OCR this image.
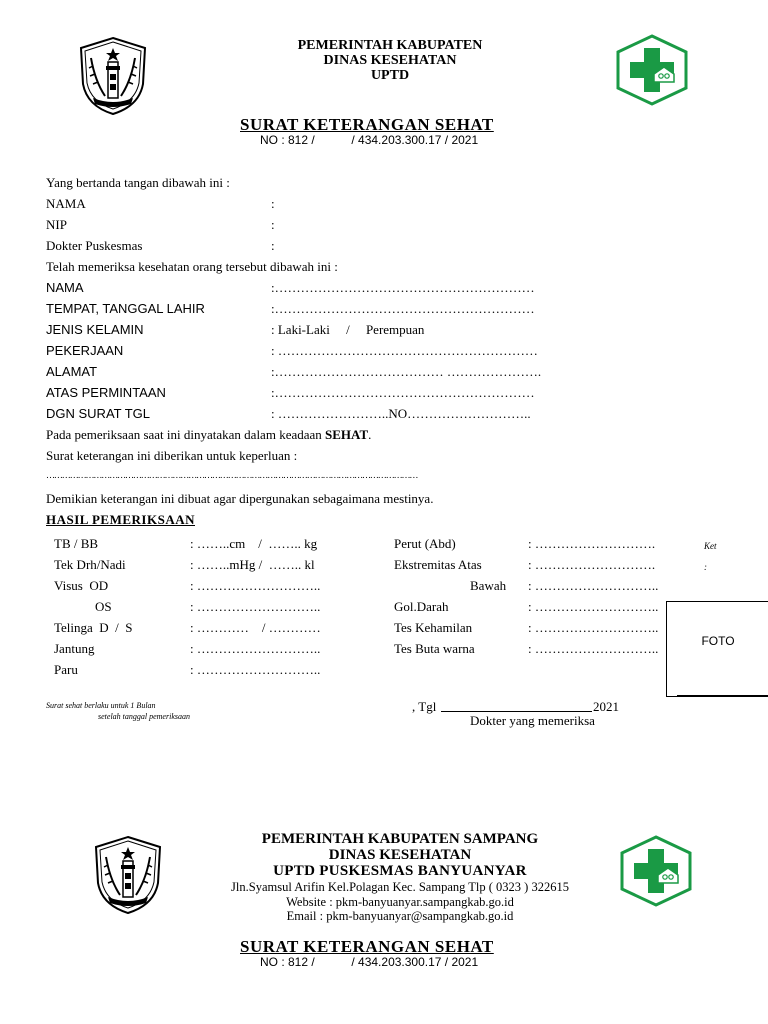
PEMERINTAH KABUPATEN
DINAS KESEHATAN
UPTD
SURAT KETERANGAN SEHAT
NO : 812 /           / 434.203.300.17 / 2021
Yang bertanda tangan dibawah ini :
NAMA	:
NIP	:
Dokter Puskesmas	:
Telah memeriksa kesehatan orang tersebut dibawah ini :
NAMA	:……………………………………………………
TEMPAT, TANGGAL LAHIR	:……………………………………………………
JENIS KELAMIN	: Laki-Laki     /     Perempuan
PEKERJAAN	: ……………………………………………………
ALAMAT	:………………………………… ………………….
ATAS PERMINTAAN	:……………………………………………………
DGN SURAT TGL	: ……………………..NO………………………..
Pada pemeriksaan saat ini dinyatakan dalam keadaan SEHAT.
Surat keterangan ini diberikan untuk keperluan :
……………………………………………………………………………………………………………………………
Demikian keterangan ini dibuat agar dipergunakan sebagaimana mestinya.
HASIL PEMERIKSAAN
TB / BB	: ……..cm    /  …….. kg
Tek Drh/Nadi	: ……..mHg /  …….. kl
Visus  OD	: ………………………..
OS	: ………………………..
Telinga  D  /  S	: …………    / …………
Jantung	: ………………………..
Paru	: ………………………..
Perut (Abd)	: ……………………….
Ekstremitas Atas	: ……………………….
Bawah : ………………………..
Gol.Darah	: ………………………..
Tes Kehamilan	: ………………………..
Tes Buta warna	: ………………………..
Ket
:
FOTO
Surat sehat berlaku untuk 1 Bulan
setelah tanggal pemeriksaan
, Tgl	2021
Dokter yang memeriksa
PEMERINTAH KABUPATEN SAMPANG
DINAS KESEHATAN
UPTD PUSKESMAS BANYUANYAR
Jln.Syamsul Arifin Kel.Polagan Kec. Sampang Tlp ( 0323 ) 322615
Website : pkm-banyuanyar.sampangkab.go.id
Email : pkm-banyuanyar@sampangkab.go.id
SURAT KETERANGAN SEHAT
NO : 812 /           / 434.203.300.17 / 2021
